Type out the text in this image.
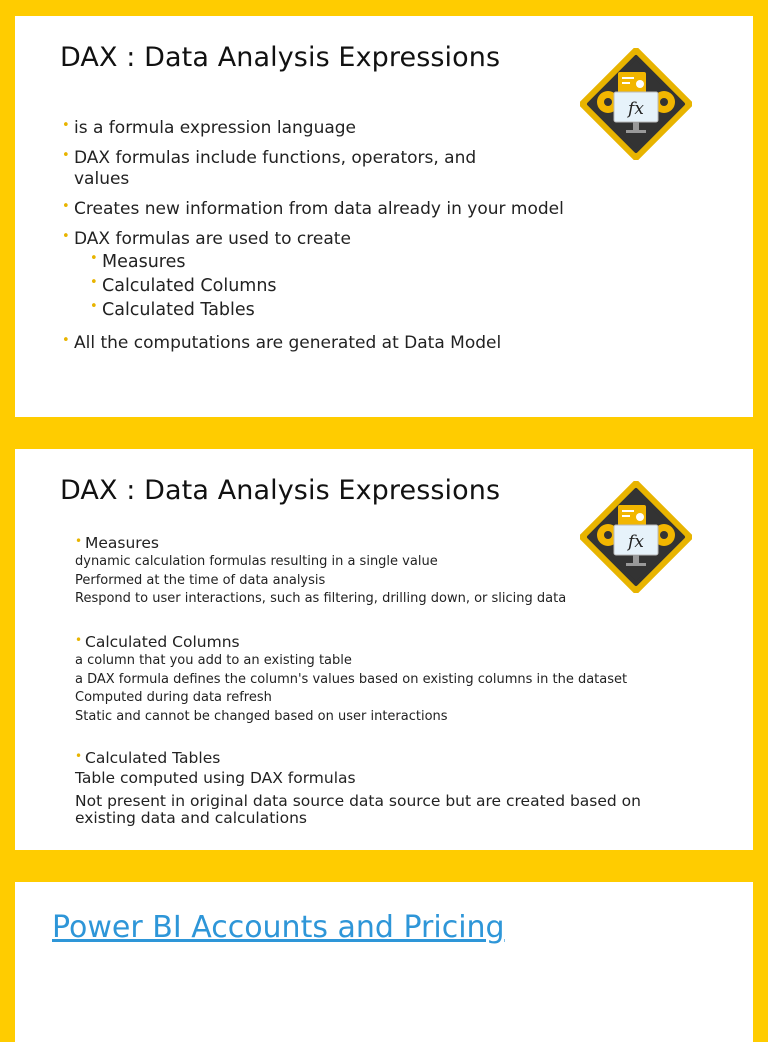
DAX : Data Analysis Expressions
fx
• is a formula expression language
• DAX formulas include functions, operators, and values
• Creates new information from data already in your model
• DAX formulas are used to create
• Measures
• Calculated Columns
• Calculated Tables
• All the computations are generated at Data Model
DAX : Data Analysis Expressions
fx
• Measures
dynamic calculation formulas resulting in a single value
Performed at the time of data analysis
Respond to user interactions, such as filtering, drilling down, or slicing data
• Calculated Columns
a column that you add to an existing table
a DAX formula defines the column's values based on existing columns in the dataset
Computed during data refresh
Static and cannot be changed based on user interactions
• Calculated Tables
Table computed using DAX formulas
Not present in original data source data source but are created based on existing data and calculations
Power BI Accounts and Pricing
